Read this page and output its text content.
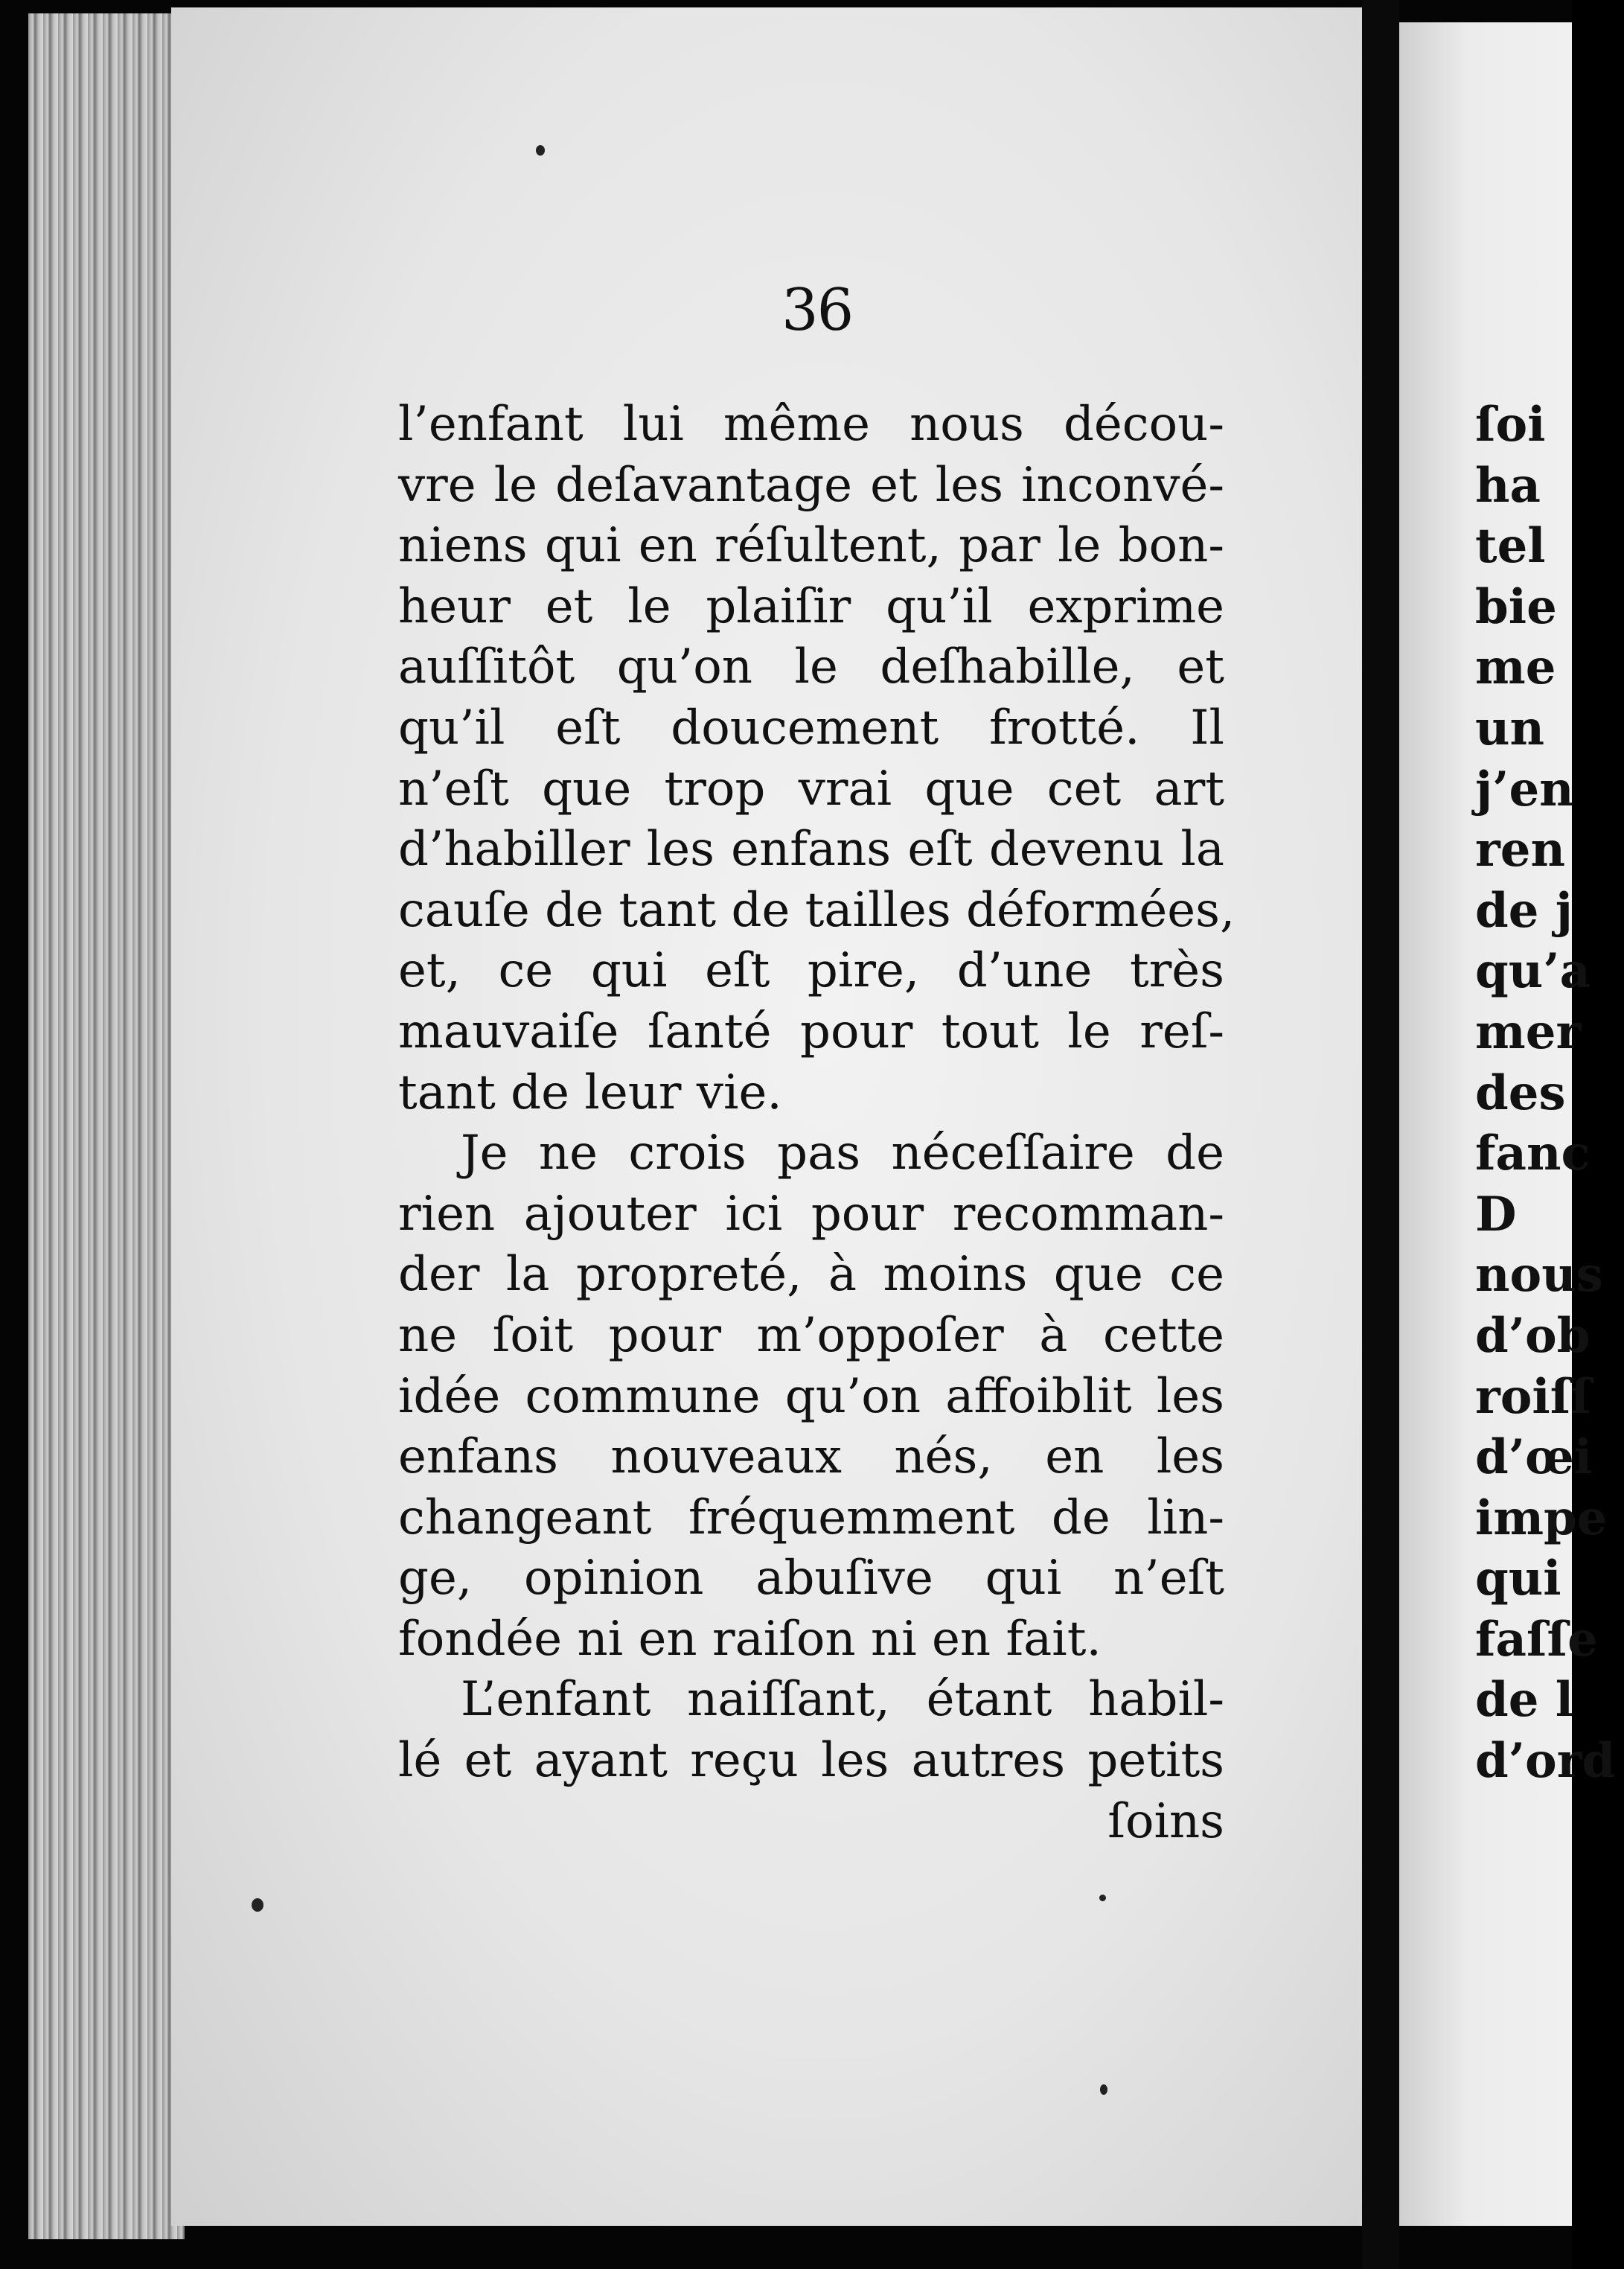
36
l’enfant lui même nous décou-
vre le deſavantage et les inconvé-
niens qui en réſultent, par le bon-
heur et le plaiſir qu’il exprime
auſſitôt qu’on le deſhabille, et
qu’il eſt doucement frotté. Il
n’eſt que trop vrai que cet art
d’habiller les enfans eſt devenu la
cauſe de tant de tailles déformées,
et, ce qui eſt pire, d’une très
mauvaiſe ſanté pour tout le reſ-
tant de leur vie.
Je ne crois pas néceſſaire de
rien ajouter ici pour recomman-
der la propreté, à moins que ce
ne ſoit pour m’oppoſer à cette
idée commune qu’on affoiblit les
enfans nouveaux nés, en les
changeant fréquemment de lin-
ge, opinion abuſive qui n’eſt
fondée ni en raiſon ni en fait.
L’enfant naiſſant, étant habil-
lé et ayant reçu les autres petits
ſoins
ſoi
ha
tel
bie
me
un
j’en
ren
de j
qu’a
mer
des
fanc
D
nous
d’ob
roiſſ
d’œi
impe
qui
faſſe
de l
d’ord
